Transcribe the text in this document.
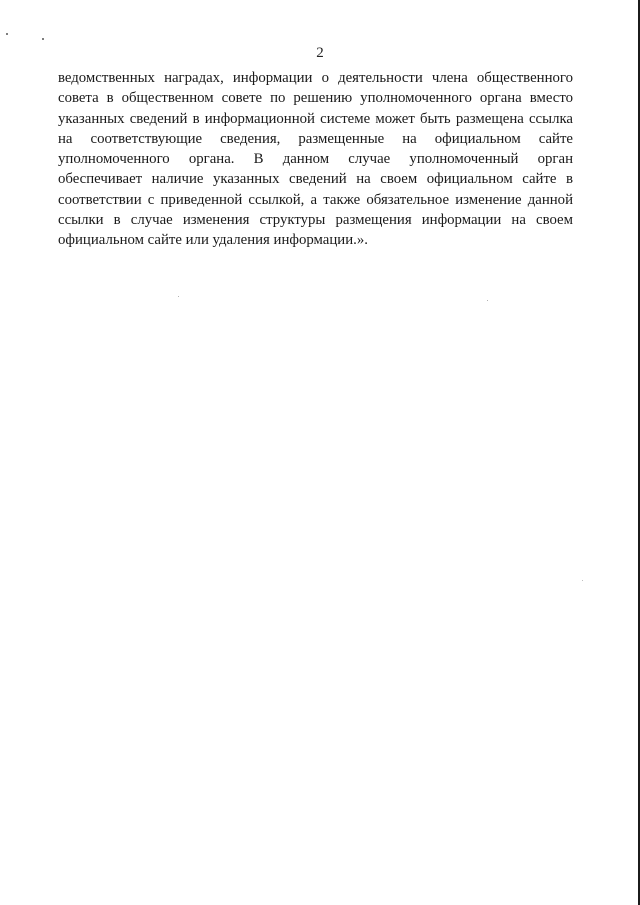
2
ведомственных наградах, информации о деятельности члена общественного
совета в общественном совете по решению уполномоченного органа вместо
указанных сведений в информационной системе может быть размещена ссылка
на соответствующие сведения, размещенные на официальном сайте
уполномоченного органа. В данном случае уполномоченный орган
обеспечивает наличие указанных сведений на своем официальном сайте в
соответствии с приведенной ссылкой, а также обязательное изменение данной
ссылки в случае изменения структуры размещения информации на своем
официальном сайте или удаления информации.».
